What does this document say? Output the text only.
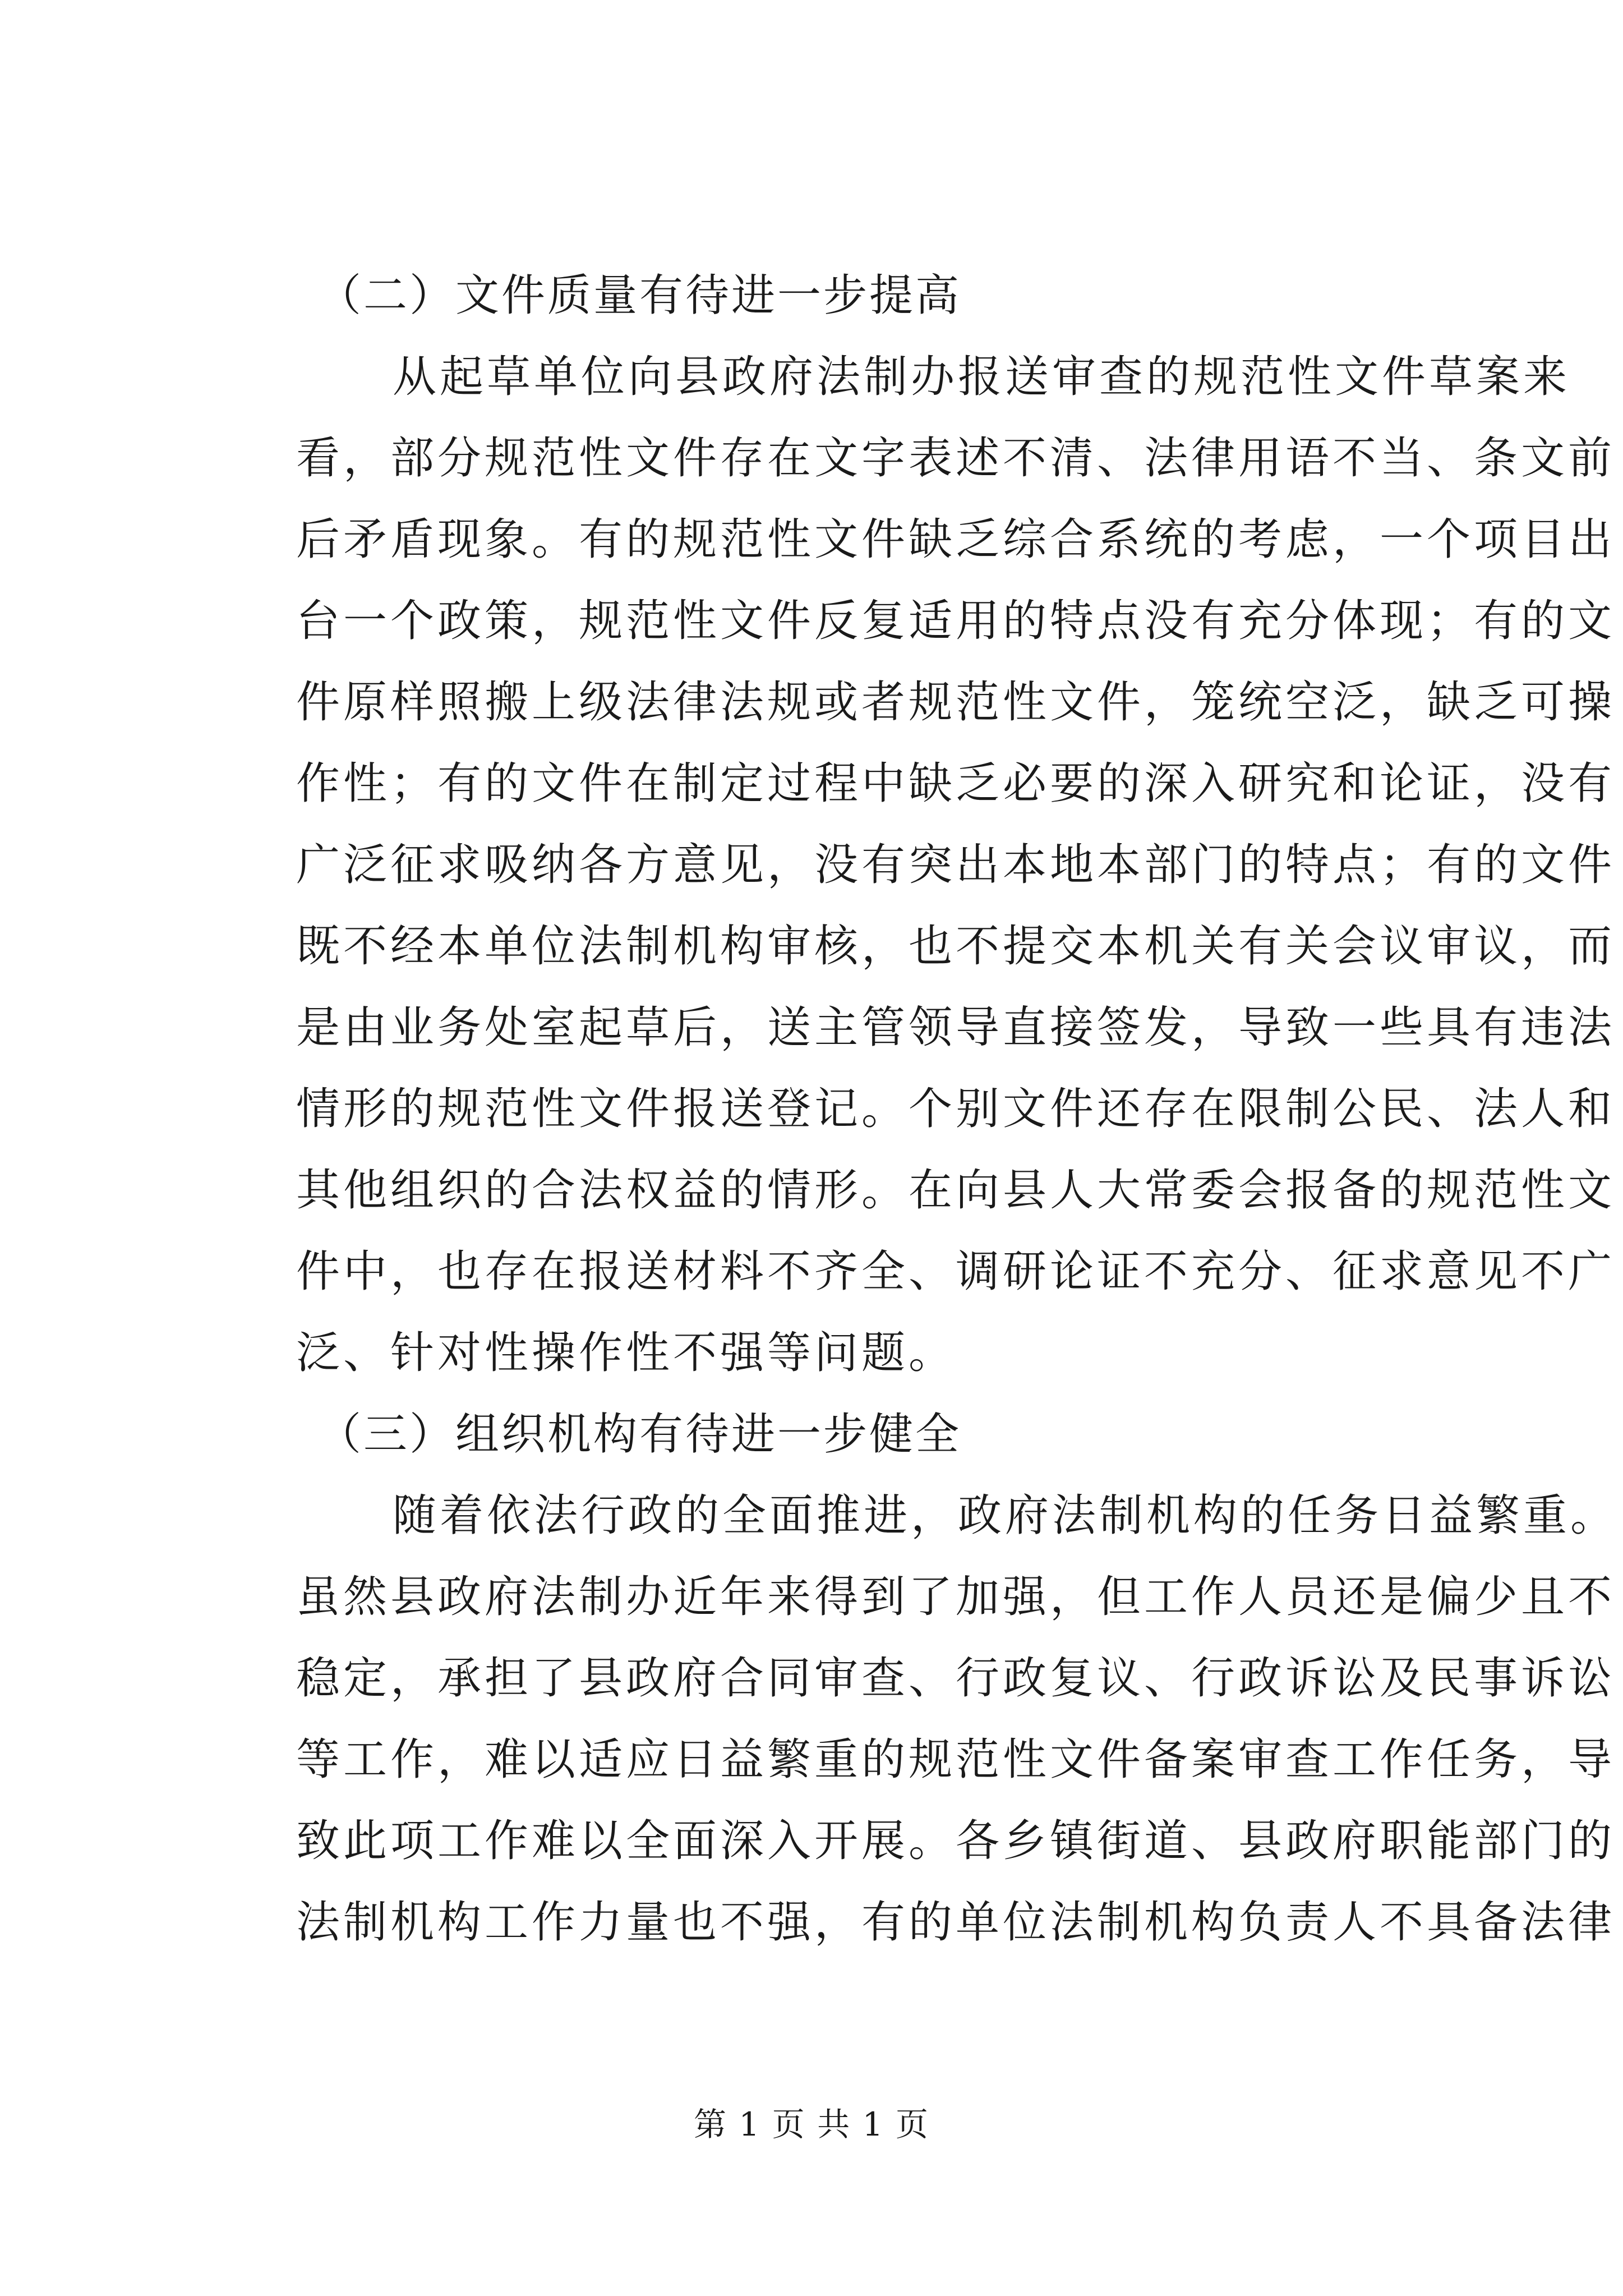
（二）文件质量有待进一步提高
从起草单位向县政府法制办报送审查的规范性文件草案来
看，部分规范性文件存在文字表述不清、法律用语不当、条文前
后矛盾现象。有的规范性文件缺乏综合系统的考虑，一个项目出
台一个政策，规范性文件反复适用的特点没有充分体现；有的文
件原样照搬上级法律法规或者规范性文件，笼统空泛，缺乏可操
作性；有的文件在制定过程中缺乏必要的深入研究和论证，没有
广泛征求吸纳各方意见，没有突出本地本部门的特点；有的文件
既不经本单位法制机构审核，也不提交本机关有关会议审议，而
是由业务处室起草后，送主管领导直接签发，导致一些具有违法
情形的规范性文件报送登记。个别文件还存在限制公民、法人和
其他组织的合法权益的情形。在向县人大常委会报备的规范性文
件中，也存在报送材料不齐全、调研论证不充分、征求意见不广
泛、针对性操作性不强等问题。
（三）组织机构有待进一步健全
随着依法行政的全面推进，政府法制机构的任务日益繁重。
虽然县政府法制办近年来得到了加强，但工作人员还是偏少且不
稳定，承担了县政府合同审查、行政复议、行政诉讼及民事诉讼
等工作，难以适应日益繁重的规范性文件备案审查工作任务，导
致此项工作难以全面深入开展。各乡镇街道、县政府职能部门的
法制机构工作力量也不强，有的单位法制机构负责人不具备法律
第 1 页 共 1 页
